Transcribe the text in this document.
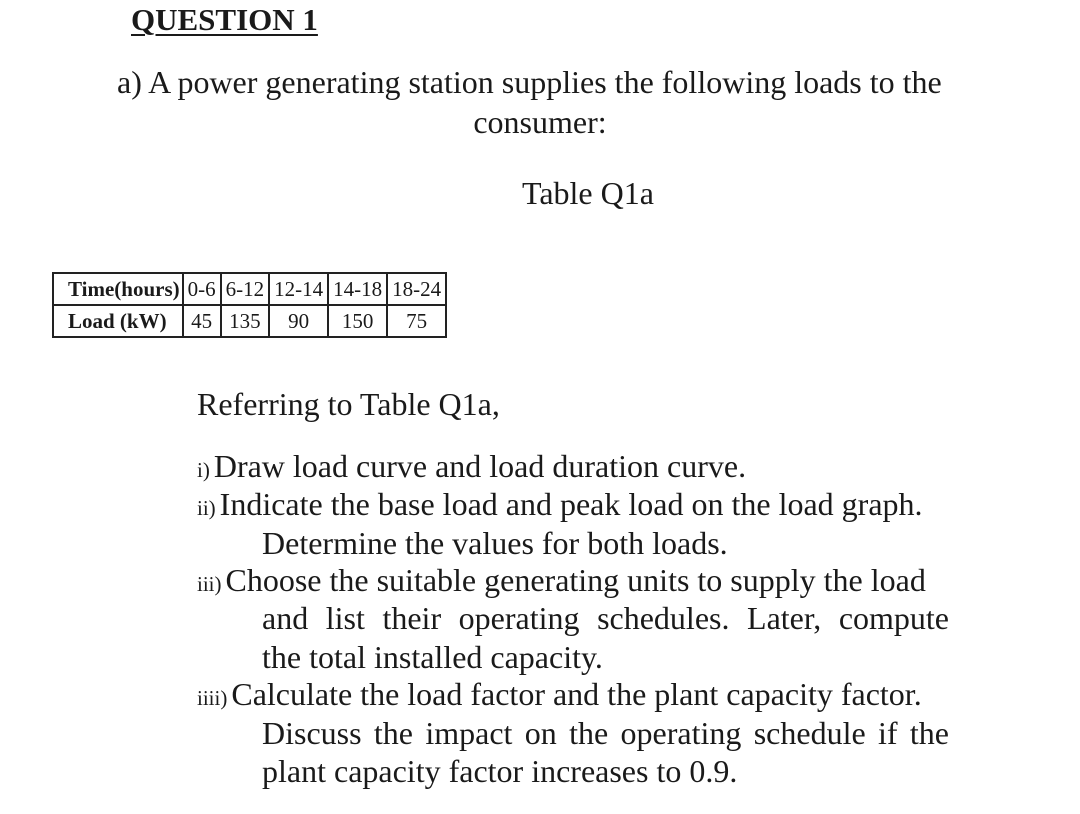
QUESTION 1
a) A power generating station supplies the following loads to the
consumer:
Table Q1a
Time(hours)	0-6	6-12	12-14	14-18	18-24
Load (kW)	45	135	90	150	75
Referring to Table Q1a,
i) Draw load curve and load duration curve.
ii) Indicate the base load and peak load on the load graph.
Determine the values for both loads.
iii) Choose the suitable generating units to supply the load
and list their operating schedules. Later, compute
the total installed capacity.
iiii) Calculate the load factor and the plant capacity factor.
Discuss the impact on the operating schedule if the
plant capacity factor increases to 0.9.
